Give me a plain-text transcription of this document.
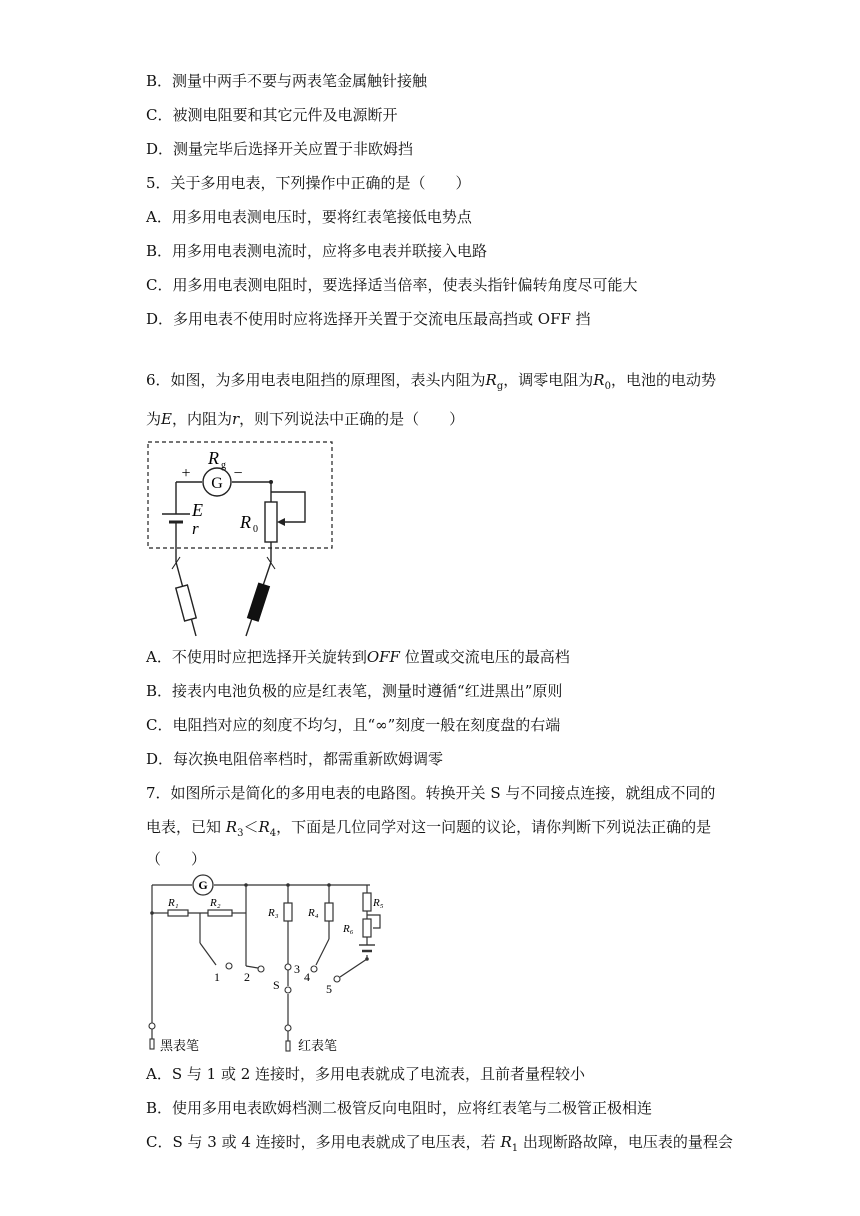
B．测量中两手不要与两表笔金属触针接触
C．被测电阻要和其它元件及电源断开
D．测量完毕后选择开关应置于非欧姆挡
5．关于多用电表，下列操作中正确的是（　　）
A．用多用电表测电压时，要将红表笔接低电势点
B．用多用电表测电流时，应将多电表并联接入电路
C．用多用电表测电阻时，要选择适当倍率，使表头指针偏转角度尽可能大
D．多用电表不使用时应将选择开关置于交流电压最高挡或 OFF 挡
6．如图，为多用电表电阻挡的原理图，表头内阻为$R_g$，调零电阻为$R_0$，电池的电动势
为E，内阻为r，则下列说法中正确的是（　　）
G
+	−
R g
E
r R 0
A．不使用时应把选择开关旋转到OFF 位置或交流电压的最高档
B．接表内电池负极的应是红表笔，测量时遵循“红进黑出”原则
C．电阻挡对应的刻度不均匀，且“∞”刻度一般在刻度盘的右端
D．每次换电阻倍率档时，都需重新欧姆调零
7．如图所示是简化的多用电表的电路图。转换开关 S 与不同接点连接，就组成不同的
电表，已知 $R_3<R_4$，下面是几位同学对这一问题的议论，请你判断下列说法正确的是
（　　）
G
R₁	R₂
R₃	R₄
R₅
R₆
1 2
3
4
5
S
黑表笔	红表笔
A．S 与 1 或 2 连接时，多用电表就成了电流表，且前者量程较小
B．使用多用电表欧姆档测二极管反向电阻时，应将红表笔与二极管正极相连
C．S 与 3 或 4 连接时，多用电表就成了电压表，若 $R_1$ 出现断路故障，电压表的量程会
